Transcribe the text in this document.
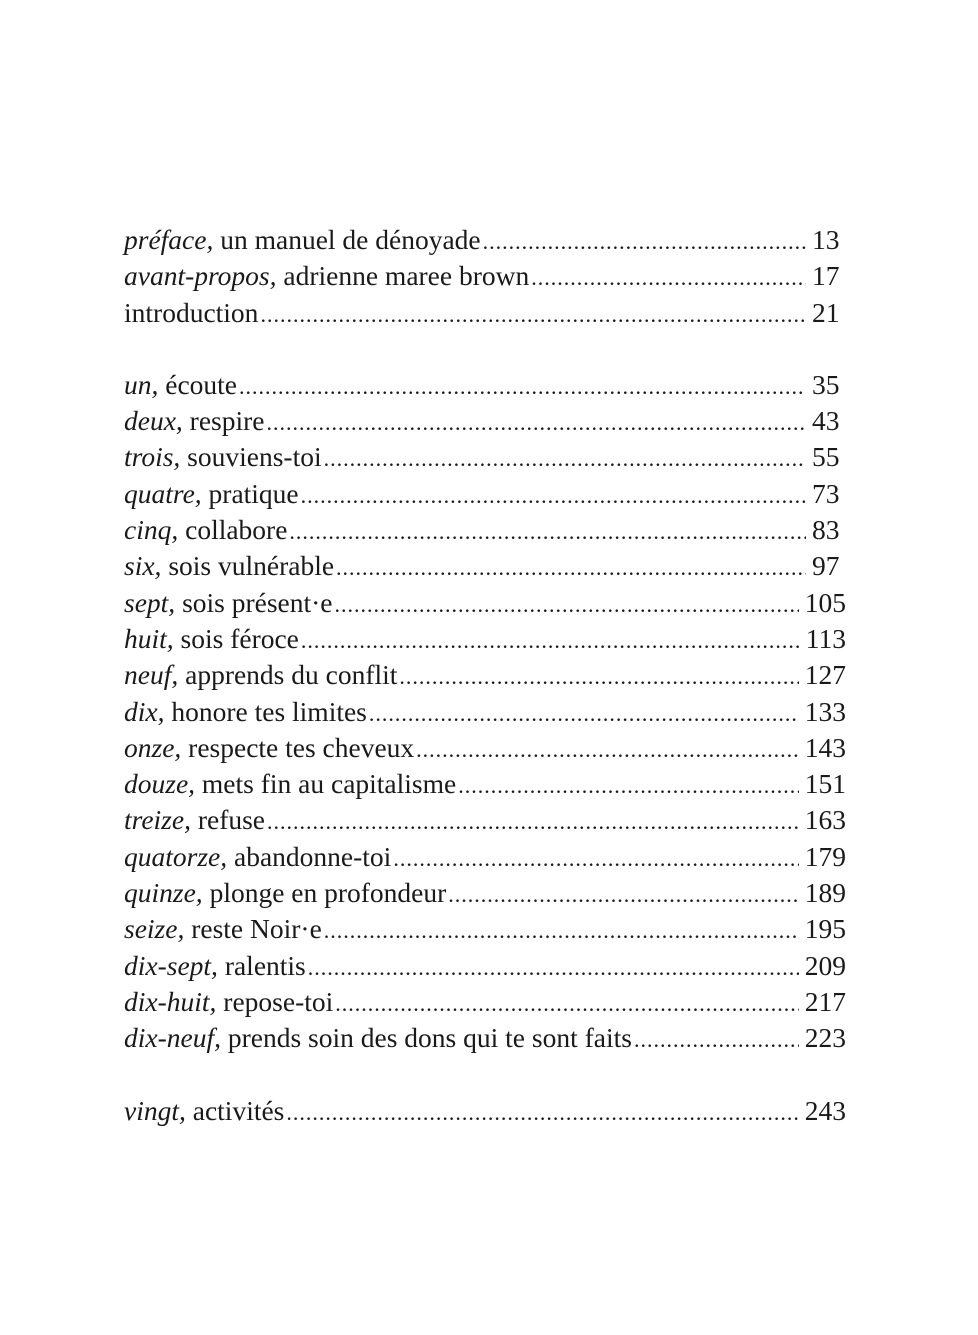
préface, un manuel de dénoyade .....	13
avant-propos, adrienne maree brown .....	17
introduction .....	21
un, écoute .....	35
deux, respire .....	43
trois, souviens-toi .....	55
quatre, pratique .....	73
cinq, collabore .....	83
six, sois vulnérable .....	97
sept, sois présent·e .....	105
huit, sois féroce .....	113
neuf, apprends du conflit .....	127
dix, honore tes limites .....	133
onze, respecte tes cheveux .....	143
douze, mets fin au capitalisme .....	151
treize, refuse .....	163
quatorze, abandonne-toi .....	179
quinze, plonge en profondeur .....	189
seize, reste Noir·e .....	195
dix-sept, ralentis .....	209
dix-huit, repose-toi .....	217
dix-neuf, prends soin des dons qui te sont faits .....	223
vingt, activités .....	243
